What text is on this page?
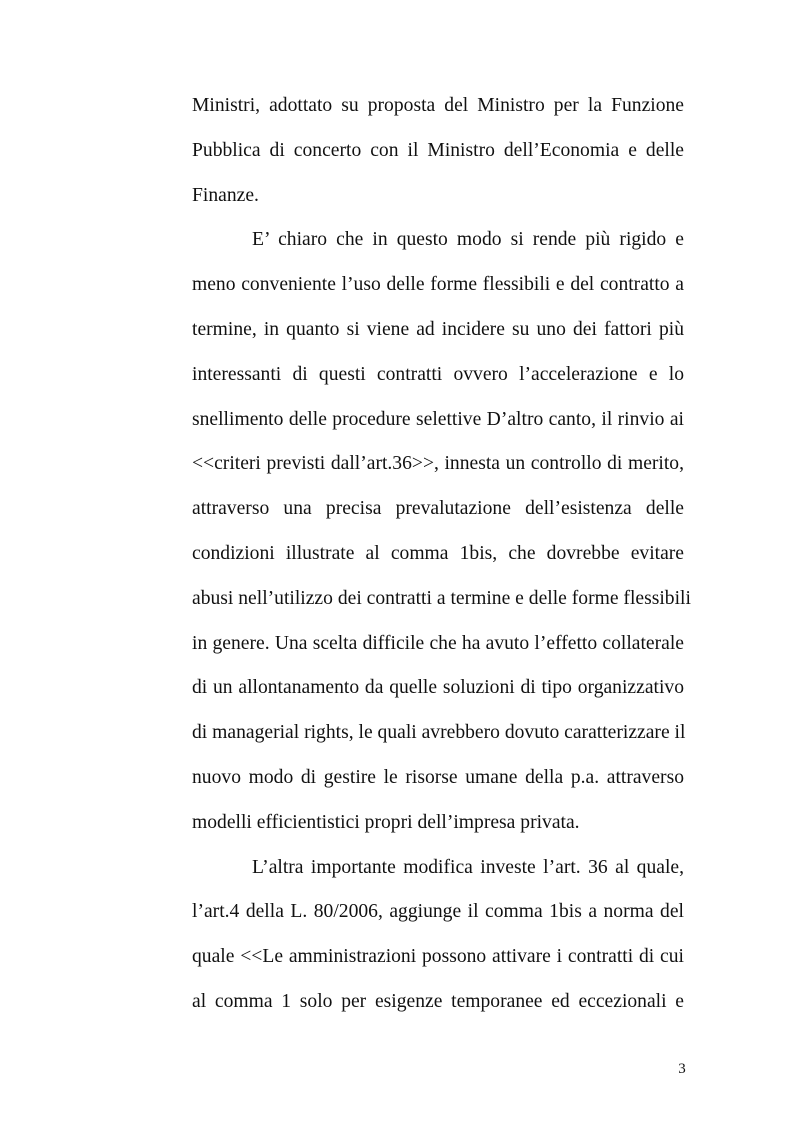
Ministri, adottato su proposta del Ministro per la Funzione
Pubblica di concerto con il Ministro dell’Economia e delle
Finanze.
E’ chiaro che in questo modo si rende più rigido e
meno conveniente l’uso delle forme flessibili e del contratto a
termine, in quanto si viene ad incidere su uno dei fattori più
interessanti di questi contratti ovvero l’accelerazione e lo
snellimento delle procedure selettive D’altro canto, il rinvio ai
<<criteri previsti dall’art.36>>, innesta un controllo di merito,
attraverso una precisa prevalutazione dell’esistenza delle
condizioni illustrate al comma 1bis, che dovrebbe evitare
abusi nell’utilizzo dei contratti a termine e delle forme flessibili
in genere. Una scelta difficile che ha avuto l’effetto collaterale
di un allontanamento da quelle soluzioni di tipo organizzativo
di managerial rights, le quali avrebbero dovuto caratterizzare il
nuovo modo di gestire le risorse umane della p.a. attraverso
modelli efficientistici propri dell’impresa privata.
L’altra importante modifica investe l’art. 36 al quale,
l’art.4 della L. 80/2006, aggiunge il comma 1bis a norma del
quale <<Le amministrazioni possono attivare i contratti di cui
al comma 1 solo per esigenze temporanee ed eccezionali e
3
